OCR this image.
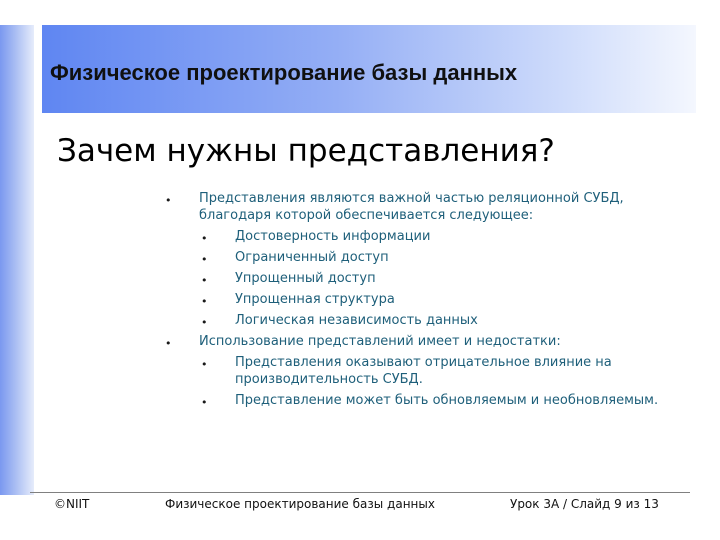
Физическое проектирование базы данных
Зачем нужны представления?
• Представления являются важной частью реляционной СУБД, благодаря которой обеспечивается следующее:
• Достоверность информации
• Ограниченный доступ
• Упрощенный доступ
• Упрощенная структура
• Логическая независимость данных
• Использование представлений имеет и недостатки:
• Представления оказывают отрицательное влияние на производительность СУБД.
• Представление может быть обновляемым и необновляемым.
©NIIT	Физическое проектирование базы данных	Урок 3А / Слайд 9 из 13
